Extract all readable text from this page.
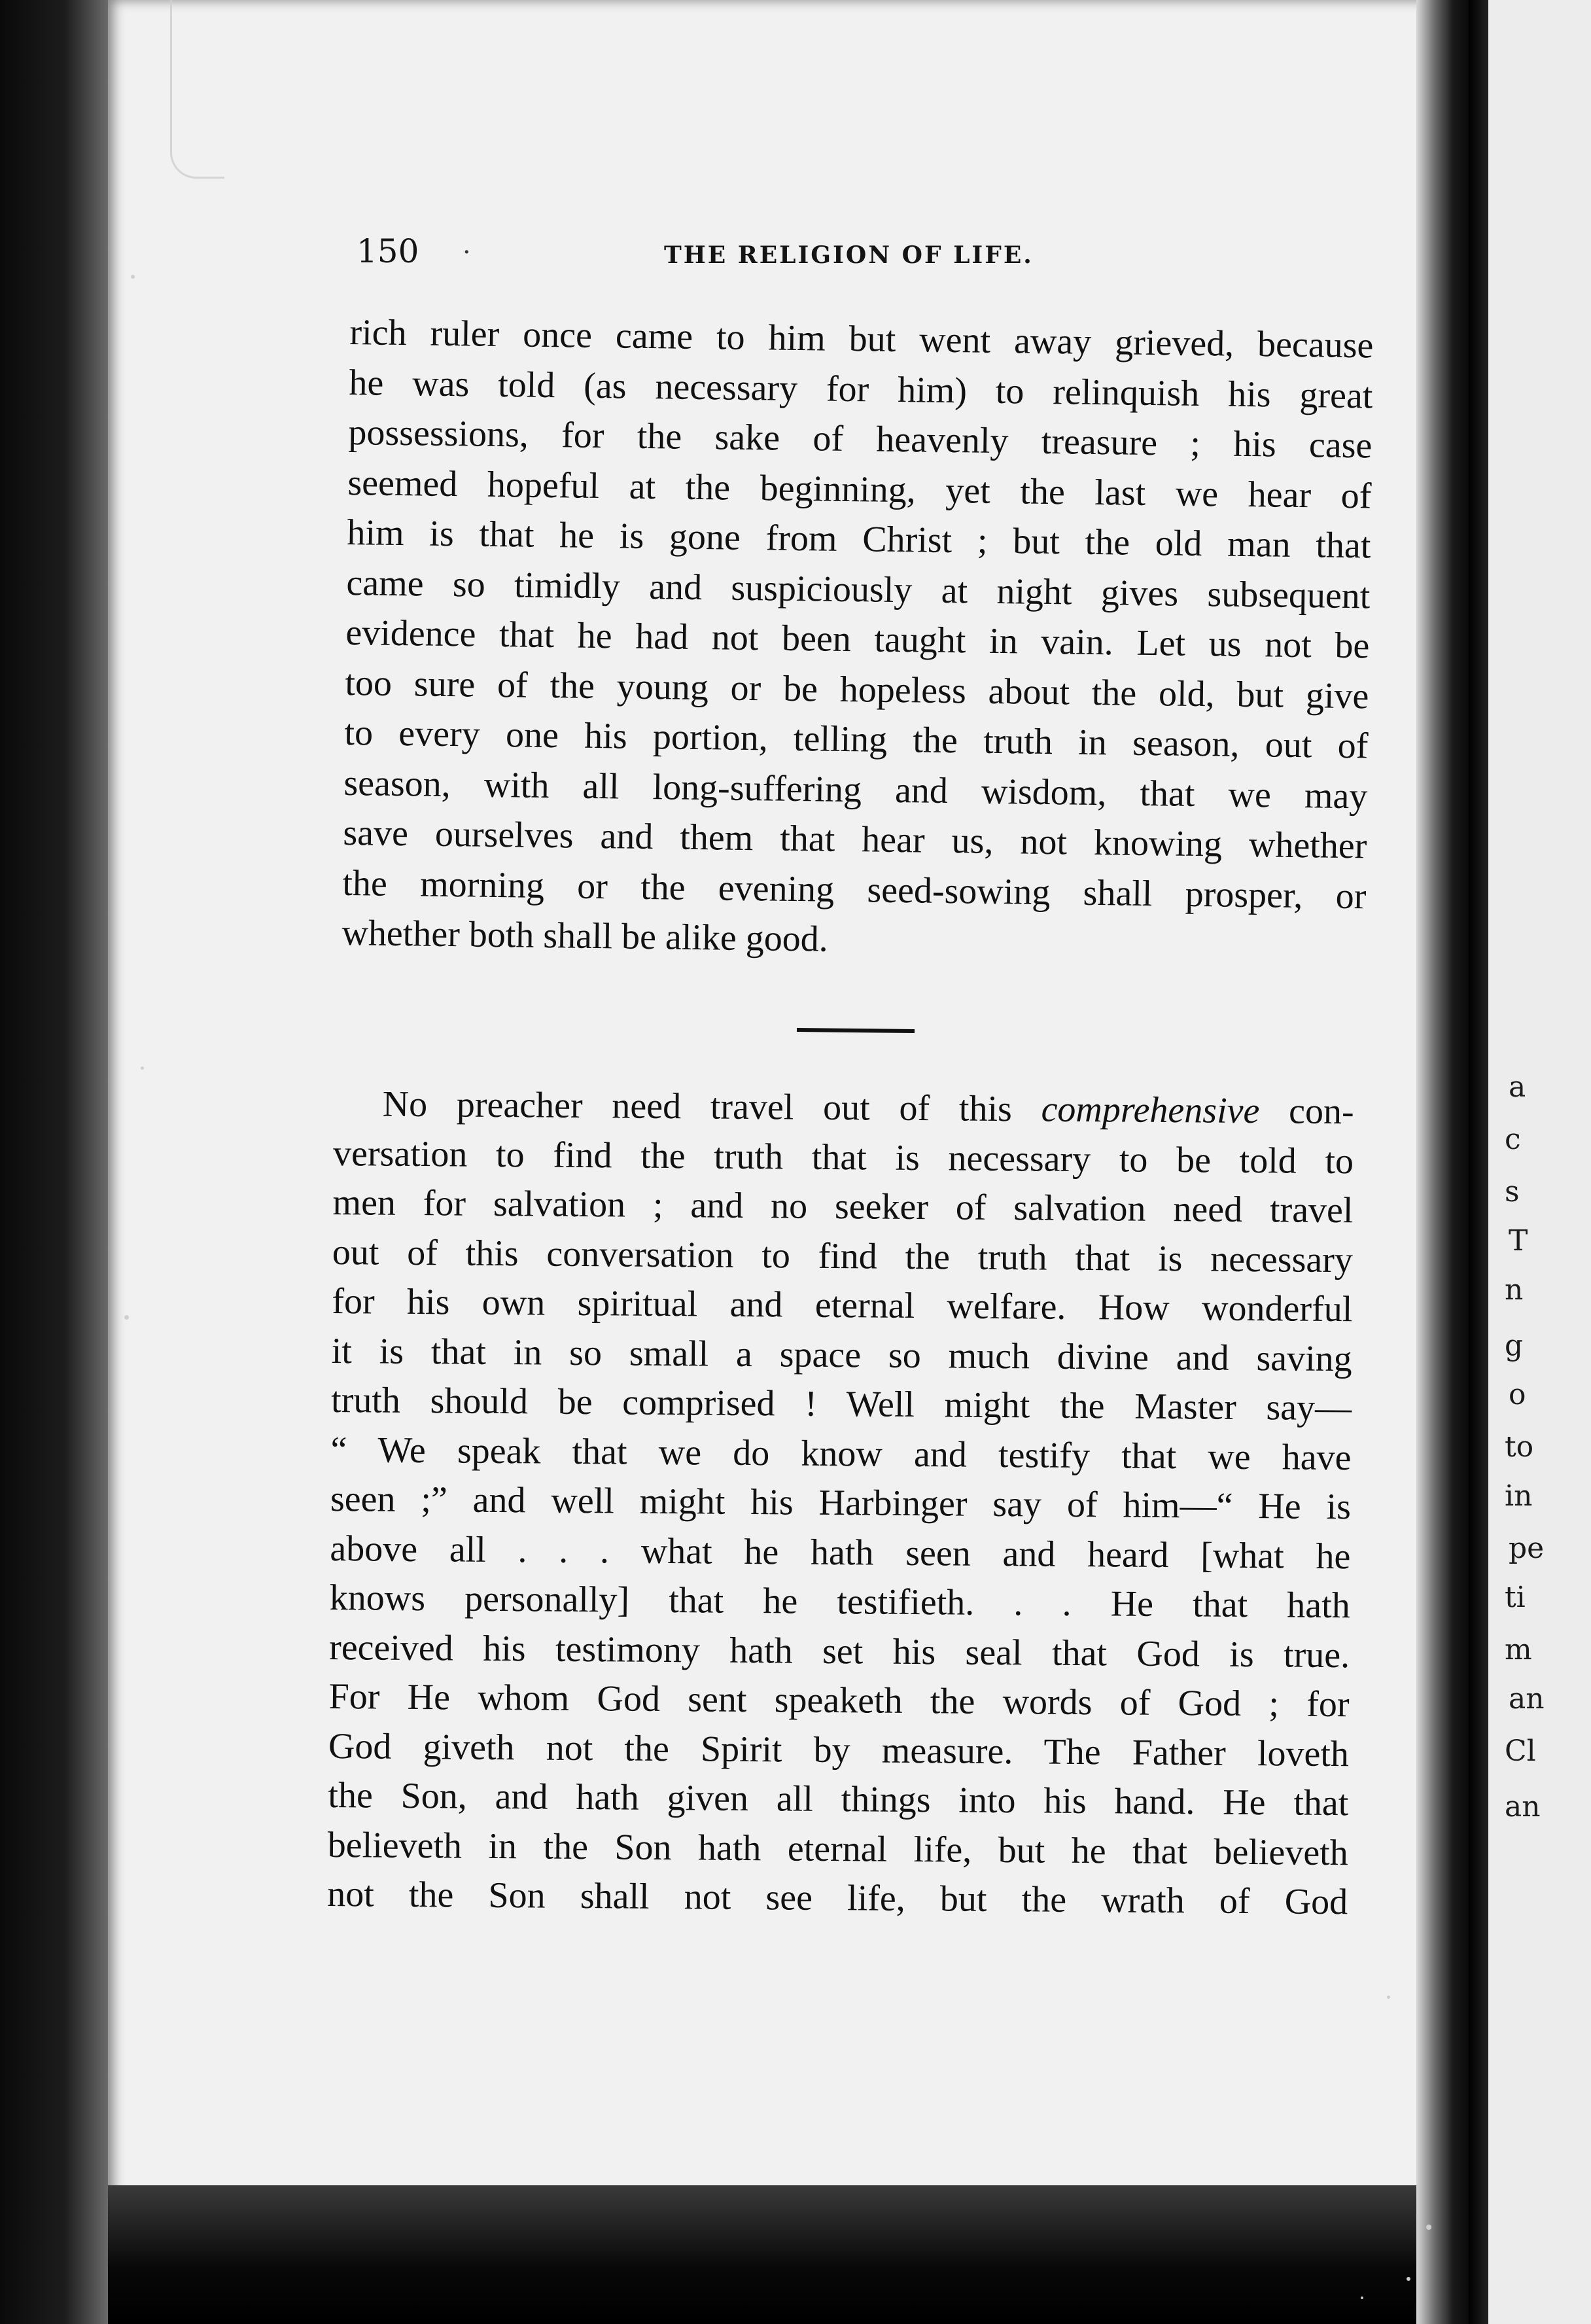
a
c
s
T
n
g
o
to
in
pe
ti
m
an
Cl
an
150 ·	THE RELIGION OF LIFE.
rich ruler once came to him but went away grieved, because
he was told (as necessary for him) to relinquish his great
possessions, for the sake of heavenly treasure ; his case
seemed hopeful at the beginning, yet the last we hear of
him is that he is gone from Christ ; but the old man that
came so timidly and suspiciously at night gives subsequent
evidence that he had not been taught in vain. Let us not be
too sure of the young or be hopeless about the old, but give
to every one his portion, telling the truth in season, out of
season, with all long-suffering and wisdom, that we may
save ourselves and them that hear us, not knowing whether
the morning or the evening seed-sowing shall prosper, or
whether both shall be alike good.
No preacher need travel out of this comprehensive con-
versation to find the truth that is necessary to be told to
men for salvation ; and no seeker of salvation need travel
out of this conversation to find the truth that is necessary
for his own spiritual and eternal welfare. How wonderful
it is that in so small a space so much divine and saving
truth should be comprised ! Well might the Master say—
“ We speak that we do know and testify that we have
seen ;” and well might his Harbinger say of him—“ He is
above all . . . what he hath seen and heard [what he
knows personally] that he testifieth. . . He that hath
received his testimony hath set his seal that God is true.
For He whom God sent speaketh the words of God ; for
God giveth not the Spirit by measure. The Father loveth
the Son, and hath given all things into his hand. He that
believeth in the Son hath eternal life, but he that believeth
not the Son shall not see life, but the wrath of God
